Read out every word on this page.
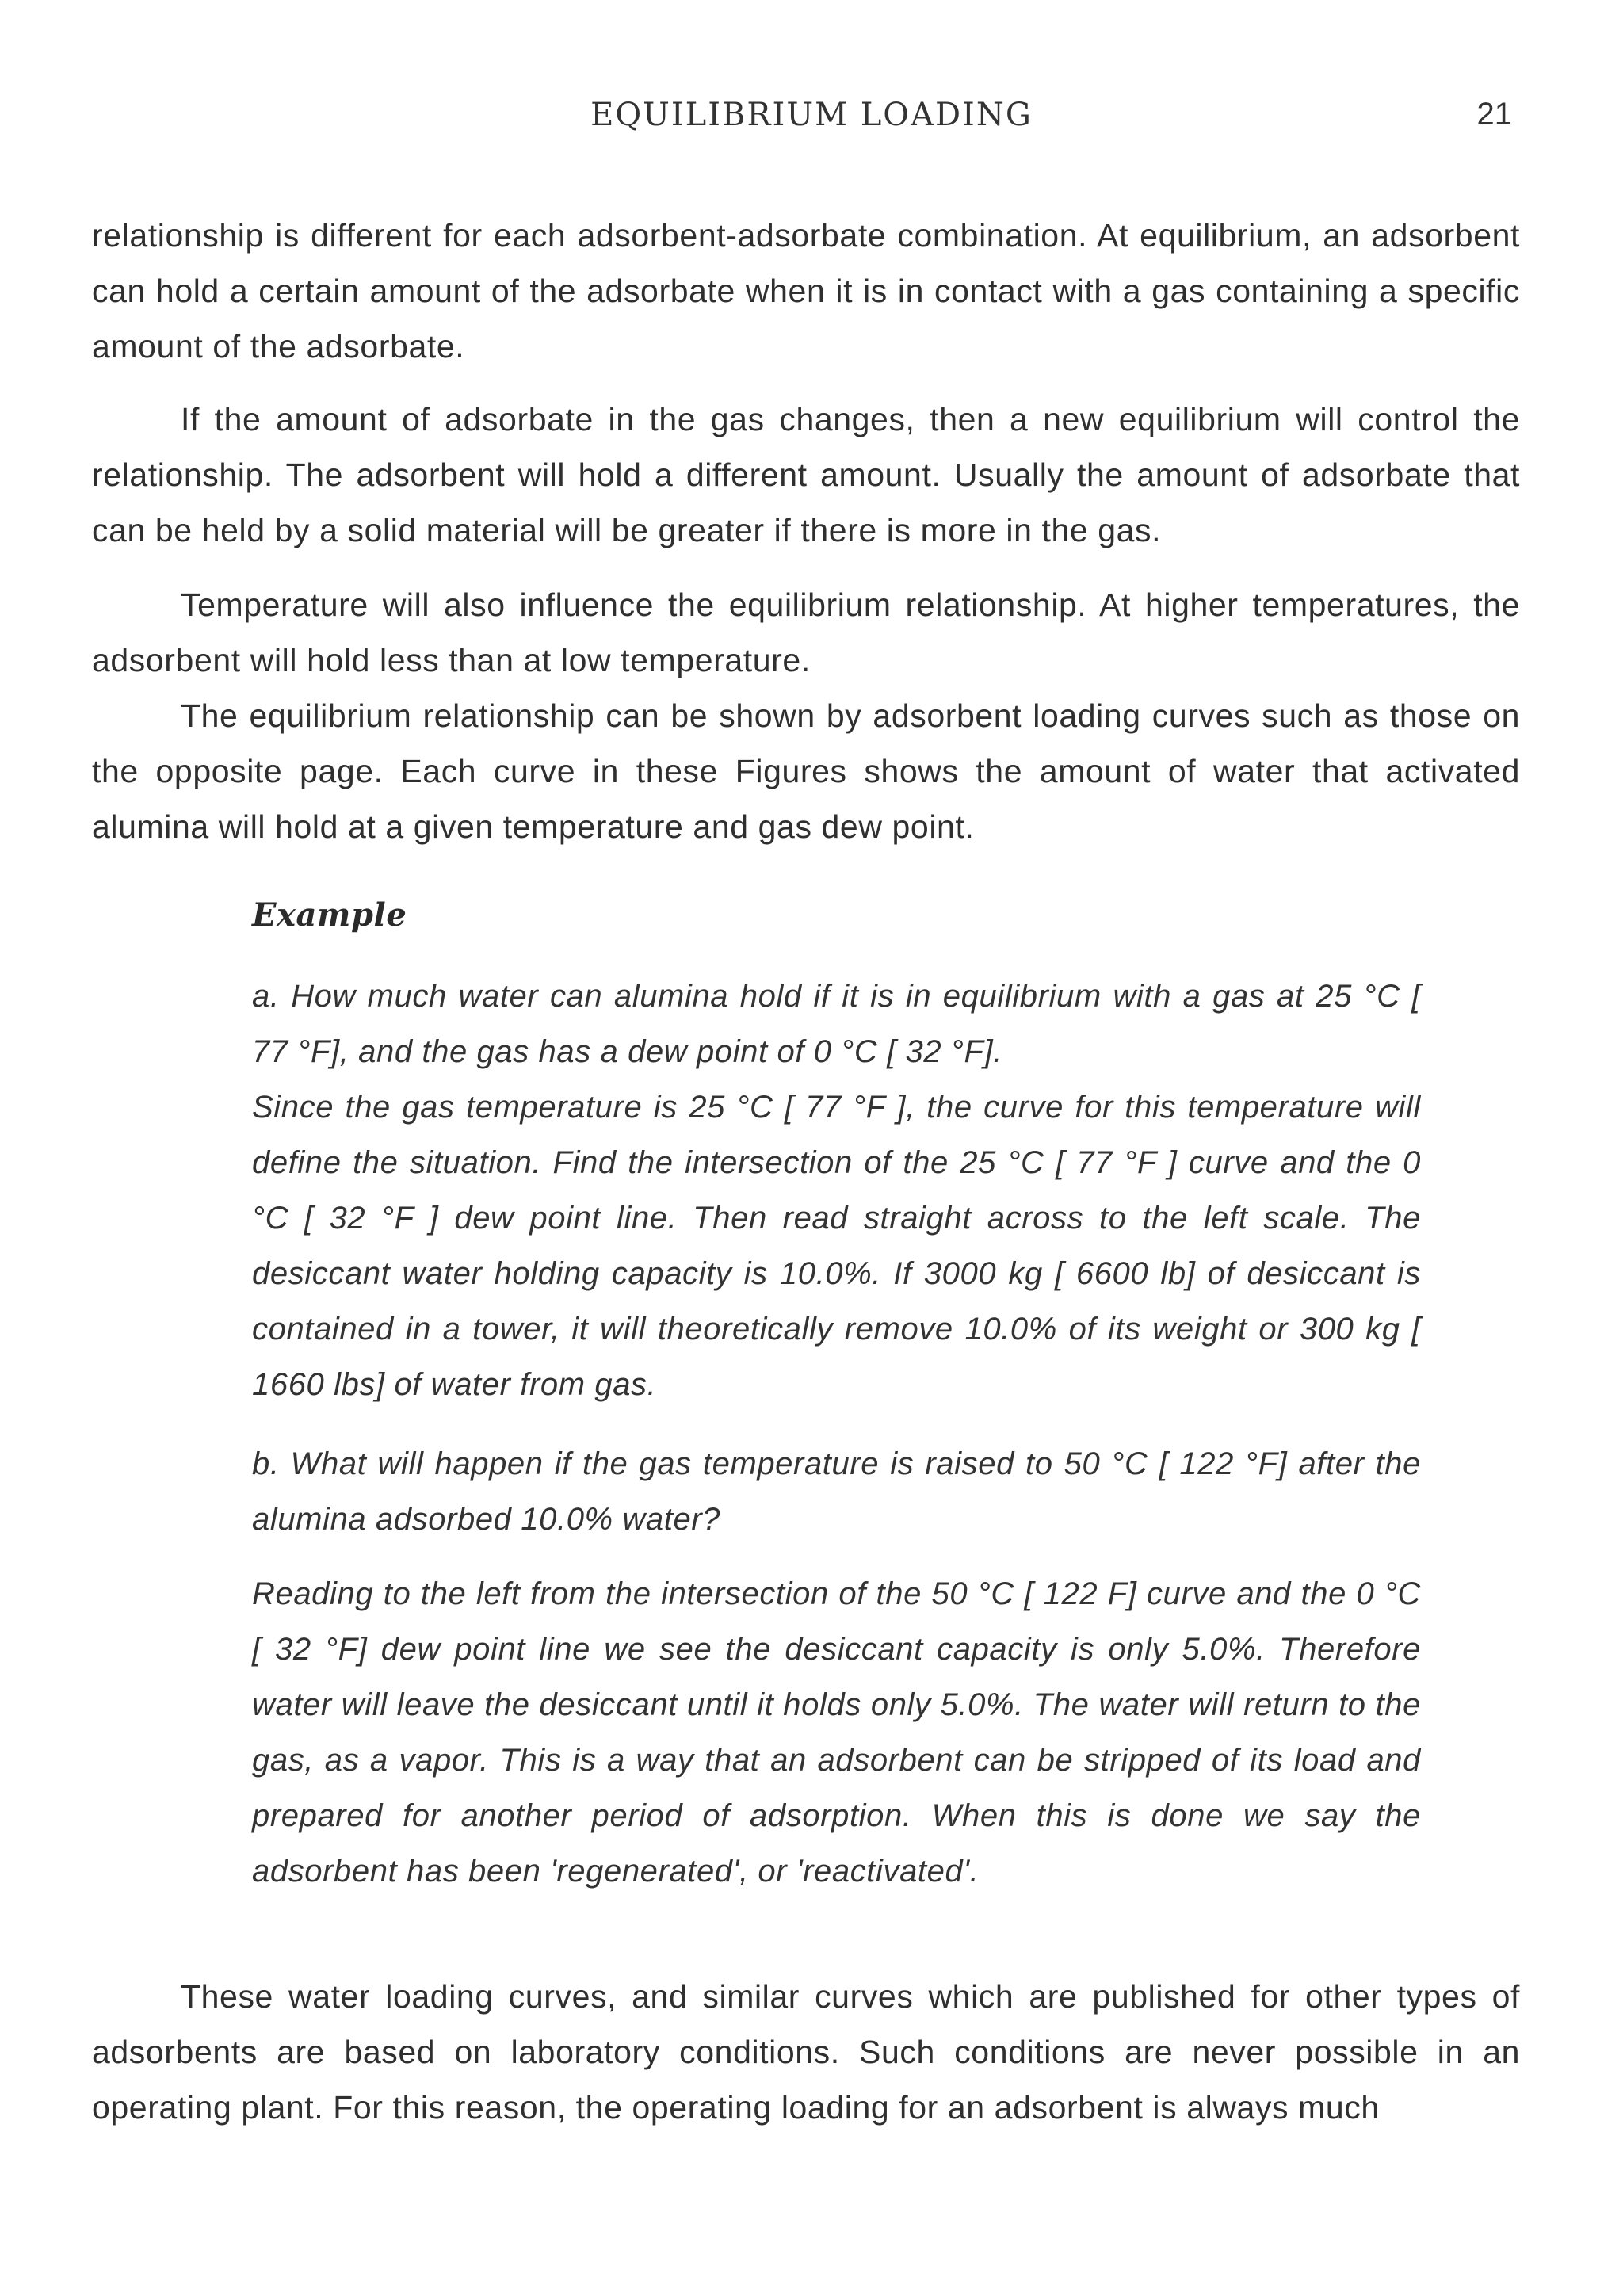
EQUILIBRIUM LOADING	21

relationship is different for each adsorbent-adsorbate combination. At equilibrium, an adsorbent can hold a certain amount of the adsorbate when it is in contact with a gas containing a specific amount of the adsorbate.

If the amount of adsorbate in the gas changes, then a new equilibrium will control the relationship. The adsorbent will hold a different amount. Usually the amount of adsorbate that can be held by a solid material will be greater if there is more in the gas.

Temperature will also influence the equilibrium relationship. At higher temperatures, the adsorbent will hold less than at low temperature.

The equilibrium relationship can be shown by adsorbent loading curves such as those on the opposite page. Each curve in these Figures shows the amount of water that activated alumina will hold at a given temperature and gas dew point.

Example

a. How much water can alumina hold if it is in equilibrium with a gas at 25 °C [ 77 °F], and the gas has a dew point of 0 °C [ 32 °F].

Since the gas temperature is 25 °C [ 77 °F ], the curve for this temperature will define the situation. Find the intersection of the 25 °C [ 77 °F ] curve and the 0 °C [ 32 °F ] dew point line. Then read straight across to the left scale. The desiccant water holding capacity is 10.0%. If 3000 kg [ 6600 lb] of desiccant is contained in a tower, it will theoretically remove 10.0% of its weight or 300 kg [ 1660 lbs] of water from gas.

b. What will happen if the gas temperature is raised to 50 °C [ 122 °F] after the alumina adsorbed 10.0% water?

Reading to the left from the intersection of the 50 °C [ 122 F] curve and the 0 °C [ 32 °F] dew point line we see the desiccant capacity is only 5.0%. Therefore water will leave the desiccant until it holds only 5.0%. The water will return to the gas, as a vapor. This is a way that an adsorbent can be stripped of its load and prepared for another period of adsorption. When this is done we say the adsorbent has been 'regenerated', or 'reactivated'.

These water loading curves, and similar curves which are published for other types of adsorbents are based on laboratory conditions. Such conditions are never possible in an operating plant. For this reason, the operating loading for an adsorbent is always much
